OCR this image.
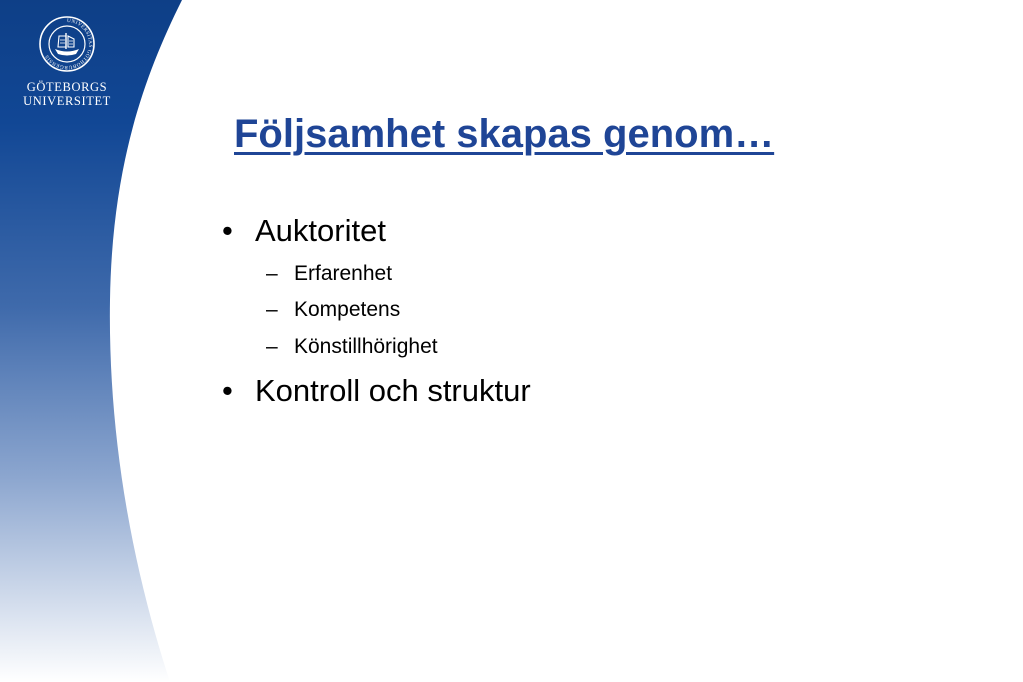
UNIVERSITAS GOTHOBURGENSIS
GÖTEBORGS
UNIVERSITET
Följsamhet skapas genom…
• Auktoritet
– Erfarenhet
– Kompetens
– Könstillhörighet
• Kontroll och struktur
